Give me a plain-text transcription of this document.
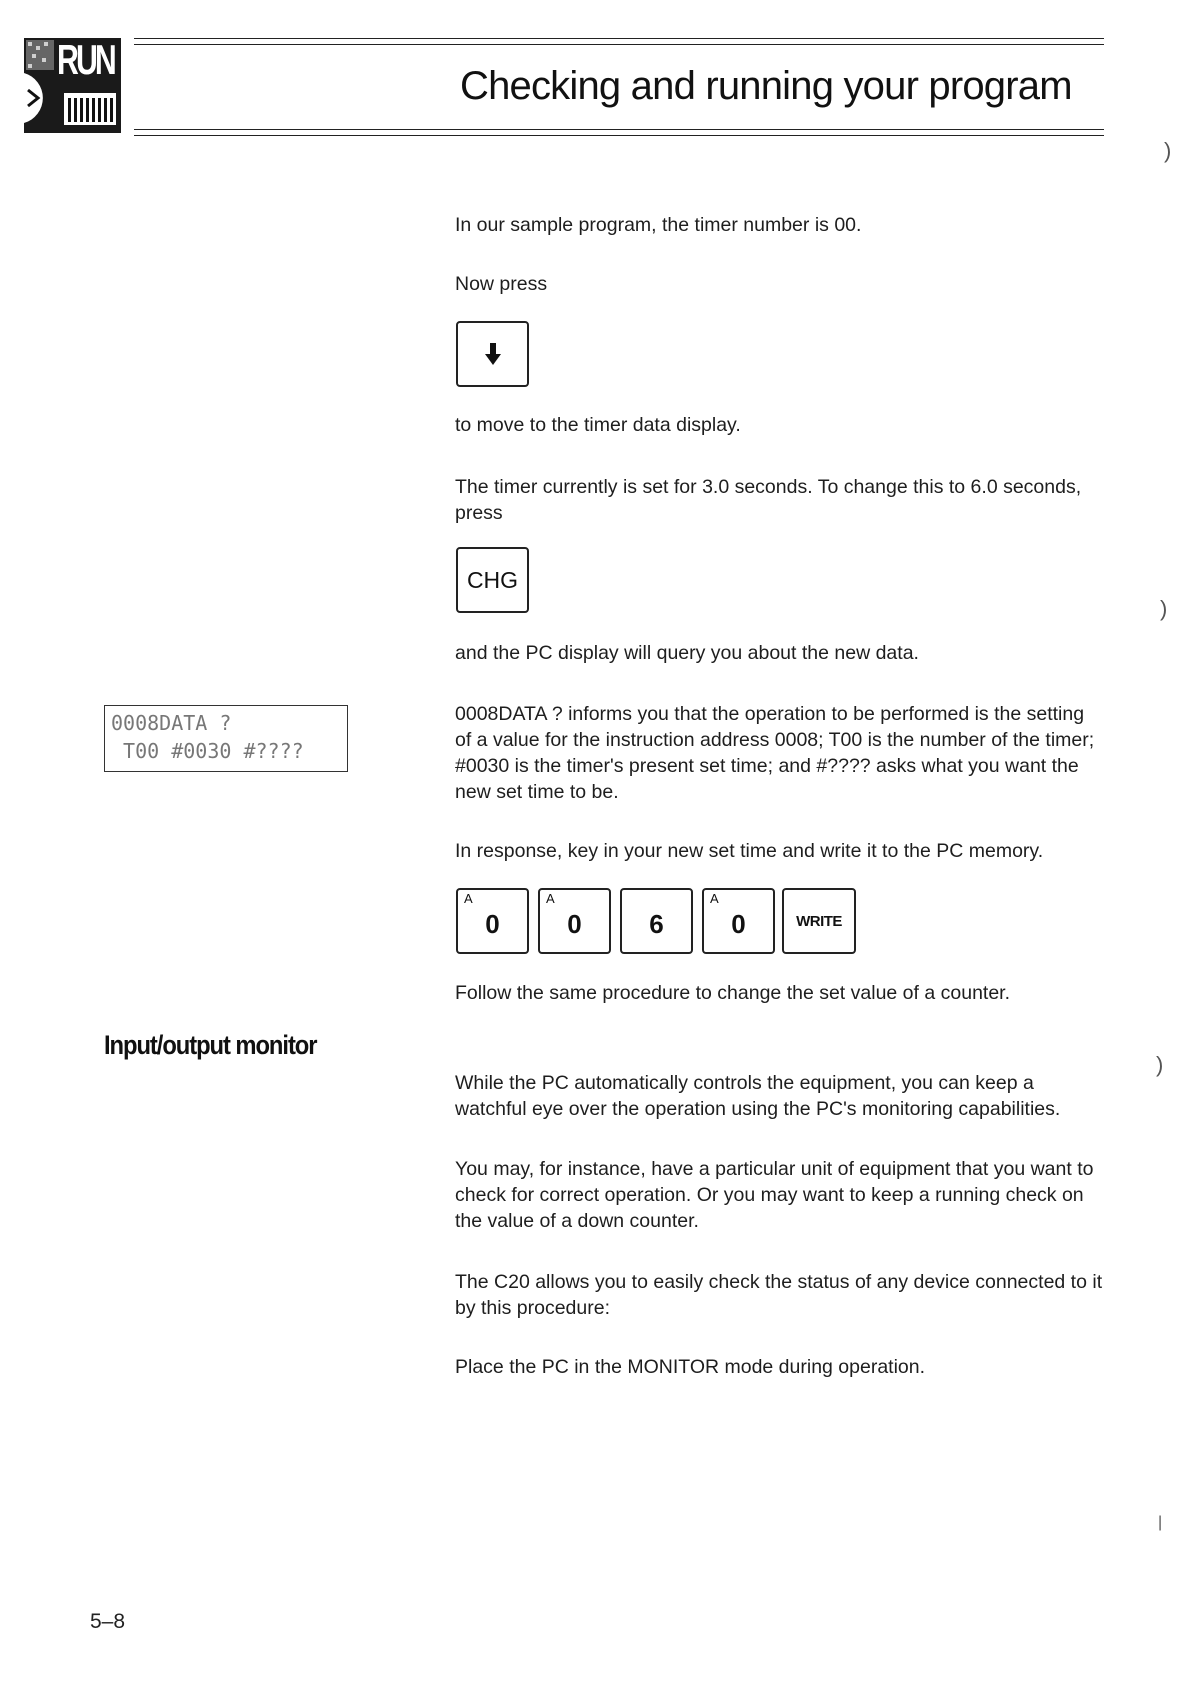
RUN
Checking and running your program
In our sample program, the timer number is 00.
Now press
to move to the timer data display.
The timer currently is set for 3.0 seconds. To change this to 6.0 seconds, press
CHG
and the PC display will query you about the new data.
0008DATA ?
T00 #0030 #????
0008DATA ? informs you that the operation to be performed is the setting of a value for the instruction address 0008; T00 is the number of the timer; #0030 is the timer's present set time; and #???? asks what you want the new set time to be.
In response, key in your new set time and write it to the PC memory.
A
0
A
0	6
A
0	WRITE
Follow the same procedure to change the set value of a counter.
Input/output monitor
While the PC automatically controls the equipment, you can keep a watchful eye over the operation using the PC's monitoring capabilities.
You may, for instance, have a particular unit of equipment that you want to check for correct operation. Or you may want to keep a running check on the value of a down counter.
The C20 allows you to easily check the status of any device connected to it by this procedure:
Place the PC in the MONITOR mode during operation.
)
)
)
|
5–8
